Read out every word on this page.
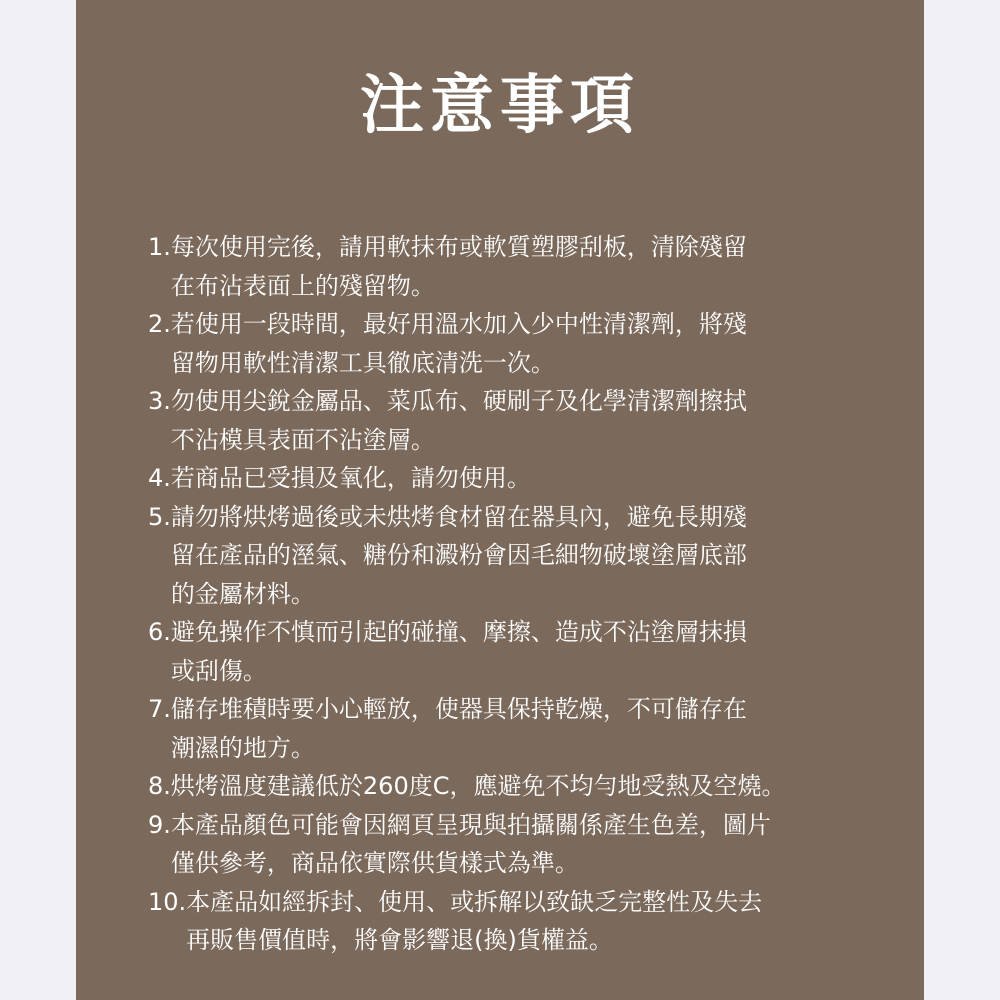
注意事項
1. 每次使用完後，請用軟抹布或軟質塑膠刮板，清除殘留
在布沾表面上的殘留物。
2. 若使用一段時間，最好用溫水加入少中性清潔劑，將殘
留物用軟性清潔工具徹底清洗一次。
3. 勿使用尖銳金屬品、菜瓜布、硬刷子及化學清潔劑擦拭
不沾模具表面不沾塗層。
4. 若商品已受損及氧化，請勿使用。
5. 請勿將烘烤過後或未烘烤食材留在器具內，避免長期殘
留在產品的溼氣、糖份和澱粉會因毛細物破壞塗層底部
的金屬材料。
6. 避免操作不慎而引起的碰撞、摩擦、造成不沾塗層抹損
或刮傷。
7. 儲存堆積時要小心輕放，使器具保持乾燥，不可儲存在
潮濕的地方。
8. 烘烤溫度建議低於260度C，應避免不均勻地受熱及空燒。
9. 本產品顏色可能會因網頁呈現與拍攝關係產生色差，圖片
僅供參考，商品依實際供貨樣式為準。
10. 本產品如經拆封、使用、或拆解以致缺乏完整性及失去
再販售價值時，將會影響退(換)貨權益。
